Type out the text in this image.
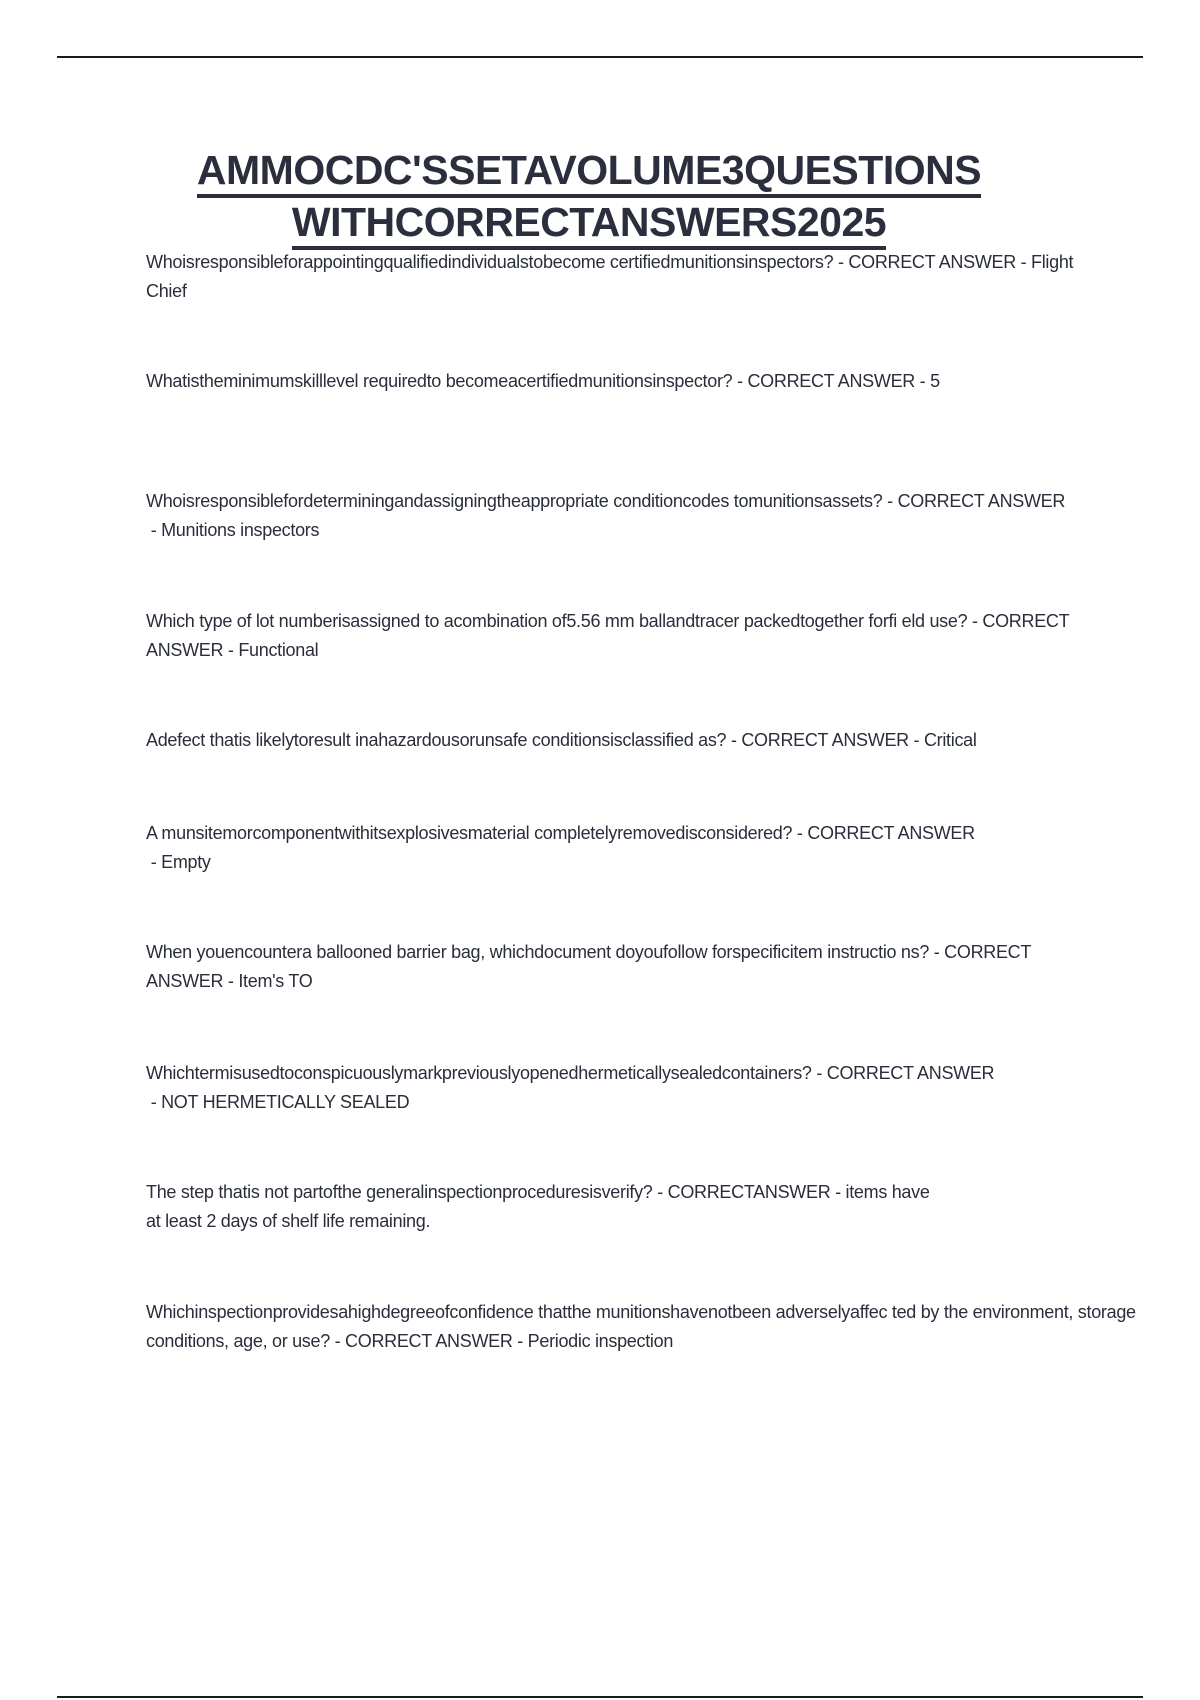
AMMOCDC'SSETAVOLUME3QUESTIONS
WITHCORRECTANSWERS2025

Whoisresponsibleforappointingqualifiedindividualstobecome certifiedmunitionsinspectors? - CORRECT ANSWER - Flight Chief

Whatistheminimumskilllevel requiredto becomeacertifiedmunitionsinspector? - CORRECT ANSWER - 5

Whoisresponsiblefordeterminingandassigningtheappropriate conditioncodes tomunitionsassets? - CORRECT ANSWER - Munitions inspectors

Which type of lot numberisassigned to acombination of5.56 mm ballandtracer packedtogether forfi eld use? - CORRECT ANSWER - Functional

Adefect thatis likelytoresult inahazardousorunsafe conditionsisclassified as? - CORRECT ANSWER - Critical

A munsitemorcomponentwithitsexplosivesmaterial completelyremovedisconsidered? - CORRECT ANSWER - Empty

When youencountera ballooned barrier bag, whichdocument doyoufollow forspecificitem instructio ns? - CORRECT ANSWER - Item's TO

Whichtermisusedtoconspicuouslymarkpreviouslyopenedhermeticallysealedcontainers? - CORRECT ANSWER - NOT HERMETICALLY SEALED

The step thatis not partofthe generalinspectionproceduresisverify? - CORRECTANSWER - items have at least 2 days of shelf life remaining.

Whichinspectionprovidesahighdegreeofconfidence thatthe munitionshavenotbeen adverselyaffec ted by the environment, storage conditions, age, or use? - CORRECT ANSWER - Periodic inspection
